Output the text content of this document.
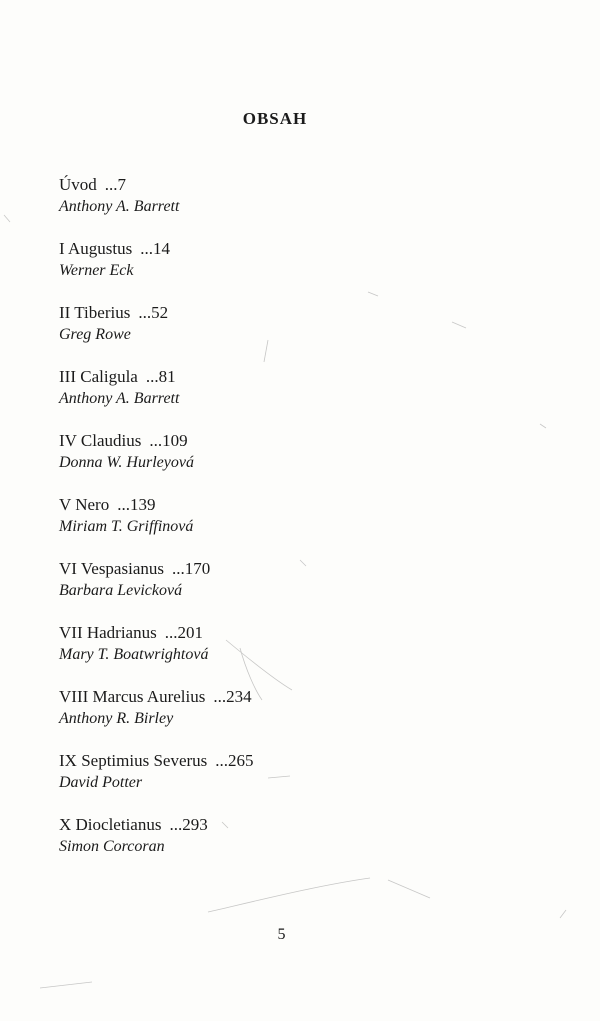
OBSAH
Úvod ...7
Anthony A. Barrett
I Augustus ...14
Werner Eck
II Tiberius ...52
Greg Rowe
III Caligula ...81
Anthony A. Barrett
IV Claudius ...109
Donna W. Hurleyová
V Nero ...139
Miriam T. Griffinová
VI Vespasianus ...170
Barbara Levicková
VII Hadrianus ...201
Mary T. Boatwrightová
VIII Marcus Aurelius ...234
Anthony R. Birley
IX Septimius Severus ...265
David Potter
X Diocletianus ...293
Simon Corcoran
5
